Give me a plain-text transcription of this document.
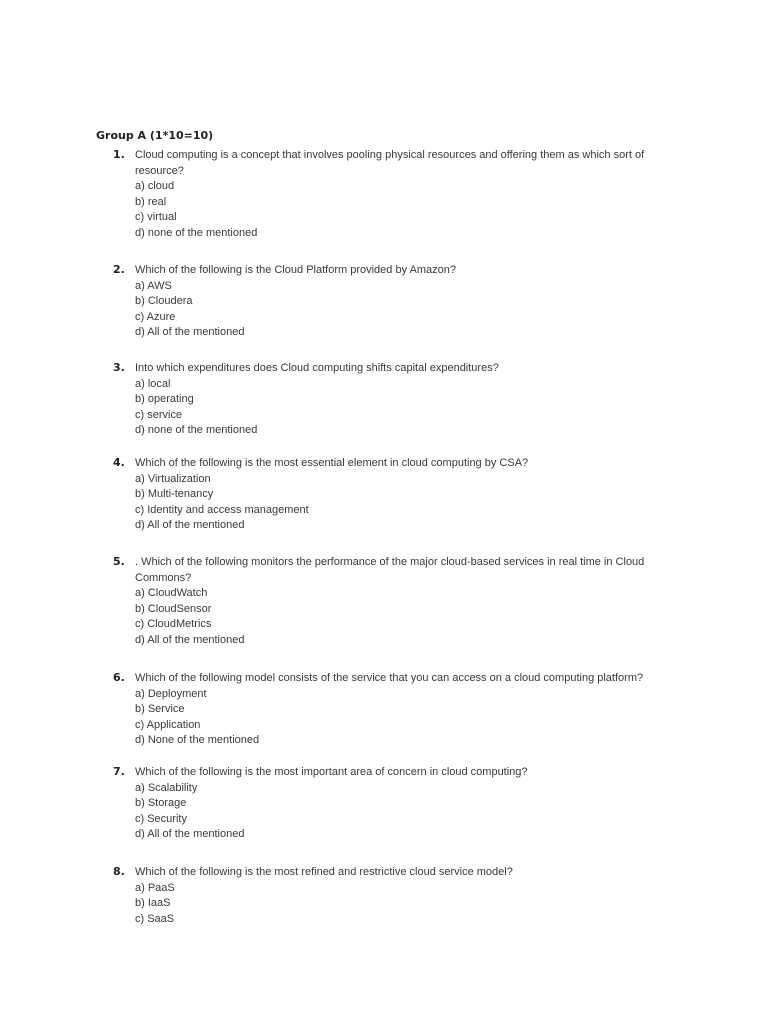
Group A (1*10=10)
1. Cloud computing is a concept that involves pooling physical resources and offering them as which sort of resource?
a) cloud
b) real
c) virtual
d) none of the mentioned
2. Which of the following is the Cloud Platform provided by Amazon?
a) AWS
b) Cloudera
c) Azure
d) All of the mentioned
3. Into which expenditures does Cloud computing shifts capital expenditures?
a) local
b) operating
c) service
d) none of the mentioned
4. Which of the following is the most essential element in cloud computing by CSA?
a) Virtualization
b) Multi-tenancy
c) Identity and access management
d) All of the mentioned
5. . Which of the following monitors the performance of the major cloud-based services in real time in Cloud Commons?
a) CloudWatch
b) CloudSensor
c) CloudMetrics
d) All of the mentioned
6. Which of the following model consists of the service that you can access on a cloud computing platform?
a) Deployment
b) Service
c) Application
d) None of the mentioned
7. Which of the following is the most important area of concern in cloud computing?
a) Scalability
b) Storage
c) Security
d) All of the mentioned
8. Which of the following is the most refined and restrictive cloud service model?
a) PaaS
b) IaaS
c) SaaS
